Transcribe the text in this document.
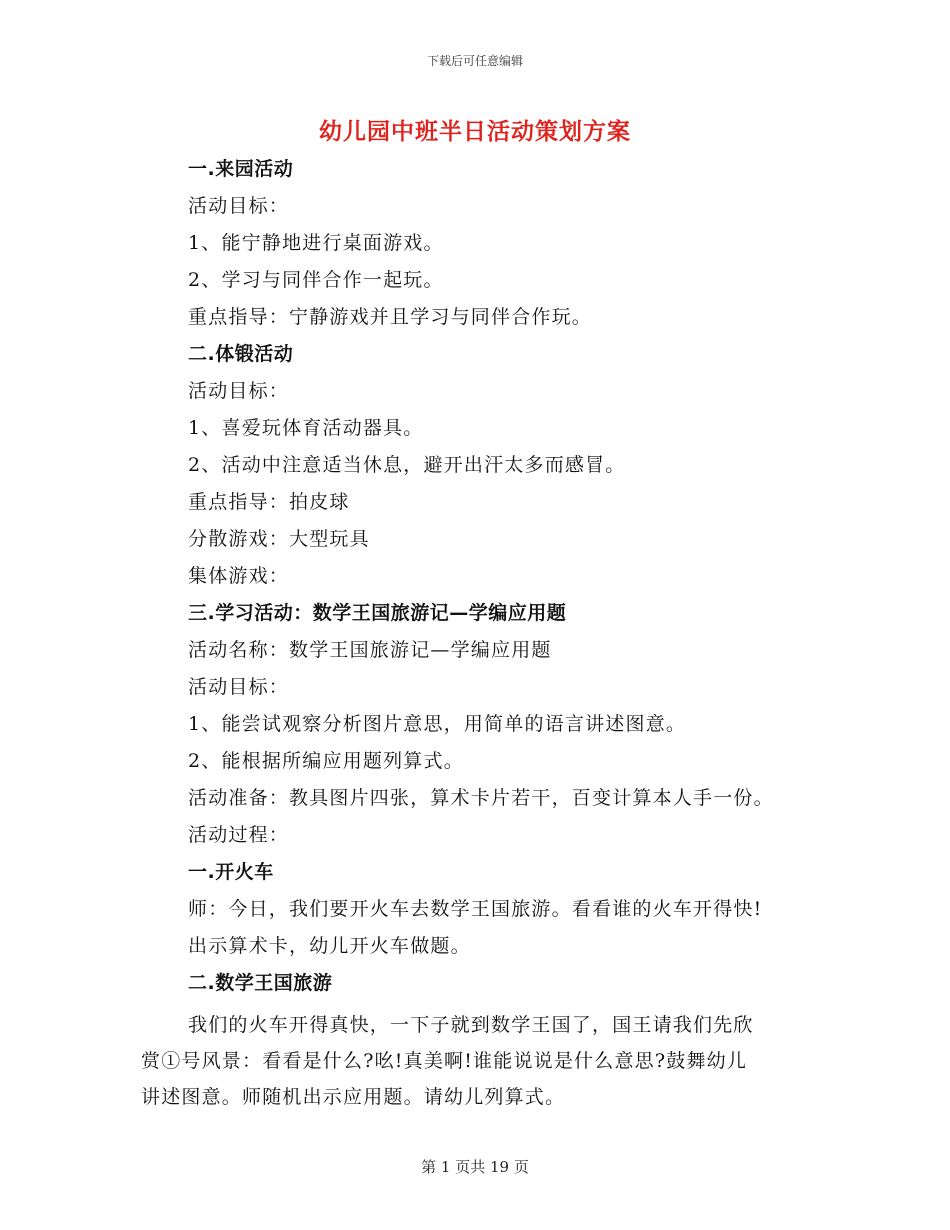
下载后可任意编辑
幼儿园中班半日活动策划方案
一.来园活动
活动目标：
1、能宁静地进行桌面游戏。
2、学习与同伴合作一起玩。
重点指导：宁静游戏并且学习与同伴合作玩。
二.体锻活动
活动目标：
1、喜爱玩体育活动器具。
2、活动中注意适当休息，避开出汗太多而感冒。
重点指导：拍皮球
分散游戏：大型玩具
集体游戏：
三.学习活动：数学王国旅游记—学编应用题
活动名称：数学王国旅游记—学编应用题
活动目标：
1、能尝试观察分析图片意思，用简单的语言讲述图意。
2、能根据所编应用题列算式。
活动准备：教具图片四张，算术卡片若干，百变计算本人手一份。
活动过程：
一.开火车
师：今日，我们要开火车去数学王国旅游。看看谁的火车开得快!
出示算术卡，幼儿开火车做题。
二.数学王国旅游
我们的火车开得真快，一下子就到数学王国了，国王请我们先欣
赏①号风景：看看是什么?吆!真美啊!谁能说说是什么意思?鼓舞幼儿
讲述图意。师随机出示应用题。请幼儿列算式。
第 1 页共 19 页
